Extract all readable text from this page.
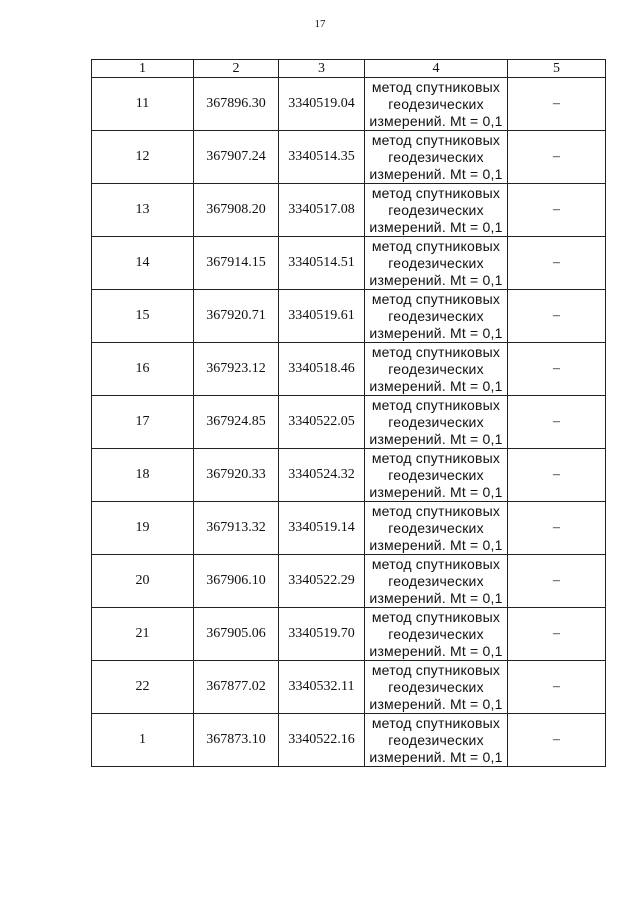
17
1	2	3	4	5
11	367896.30	3340519.04	метод спутниковых
геодезических
измерений. Mt = 0,1	–
12	367907.24	3340514.35	метод спутниковых
геодезических
измерений. Mt = 0,1	–
13	367908.20	3340517.08	метод спутниковых
геодезических
измерений. Mt = 0,1	–
14	367914.15	3340514.51	метод спутниковых
геодезических
измерений. Mt = 0,1	–
15	367920.71	3340519.61	метод спутниковых
геодезических
измерений. Mt = 0,1	–
16	367923.12	3340518.46	метод спутниковых
геодезических
измерений. Mt = 0,1	–
17	367924.85	3340522.05	метод спутниковых
геодезических
измерений. Mt = 0,1	–
18	367920.33	3340524.32	метод спутниковых
геодезических
измерений. Mt = 0,1	–
19	367913.32	3340519.14	метод спутниковых
геодезических
измерений. Mt = 0,1	–
20	367906.10	3340522.29	метод спутниковых
геодезических
измерений. Mt = 0,1	–
21	367905.06	3340519.70	метод спутниковых
геодезических
измерений. Mt = 0,1	–
22	367877.02	3340532.11	метод спутниковых
геодезических
измерений. Mt = 0,1	–
1	367873.10	3340522.16	метод спутниковых
геодезических
измерений. Mt = 0,1	–
